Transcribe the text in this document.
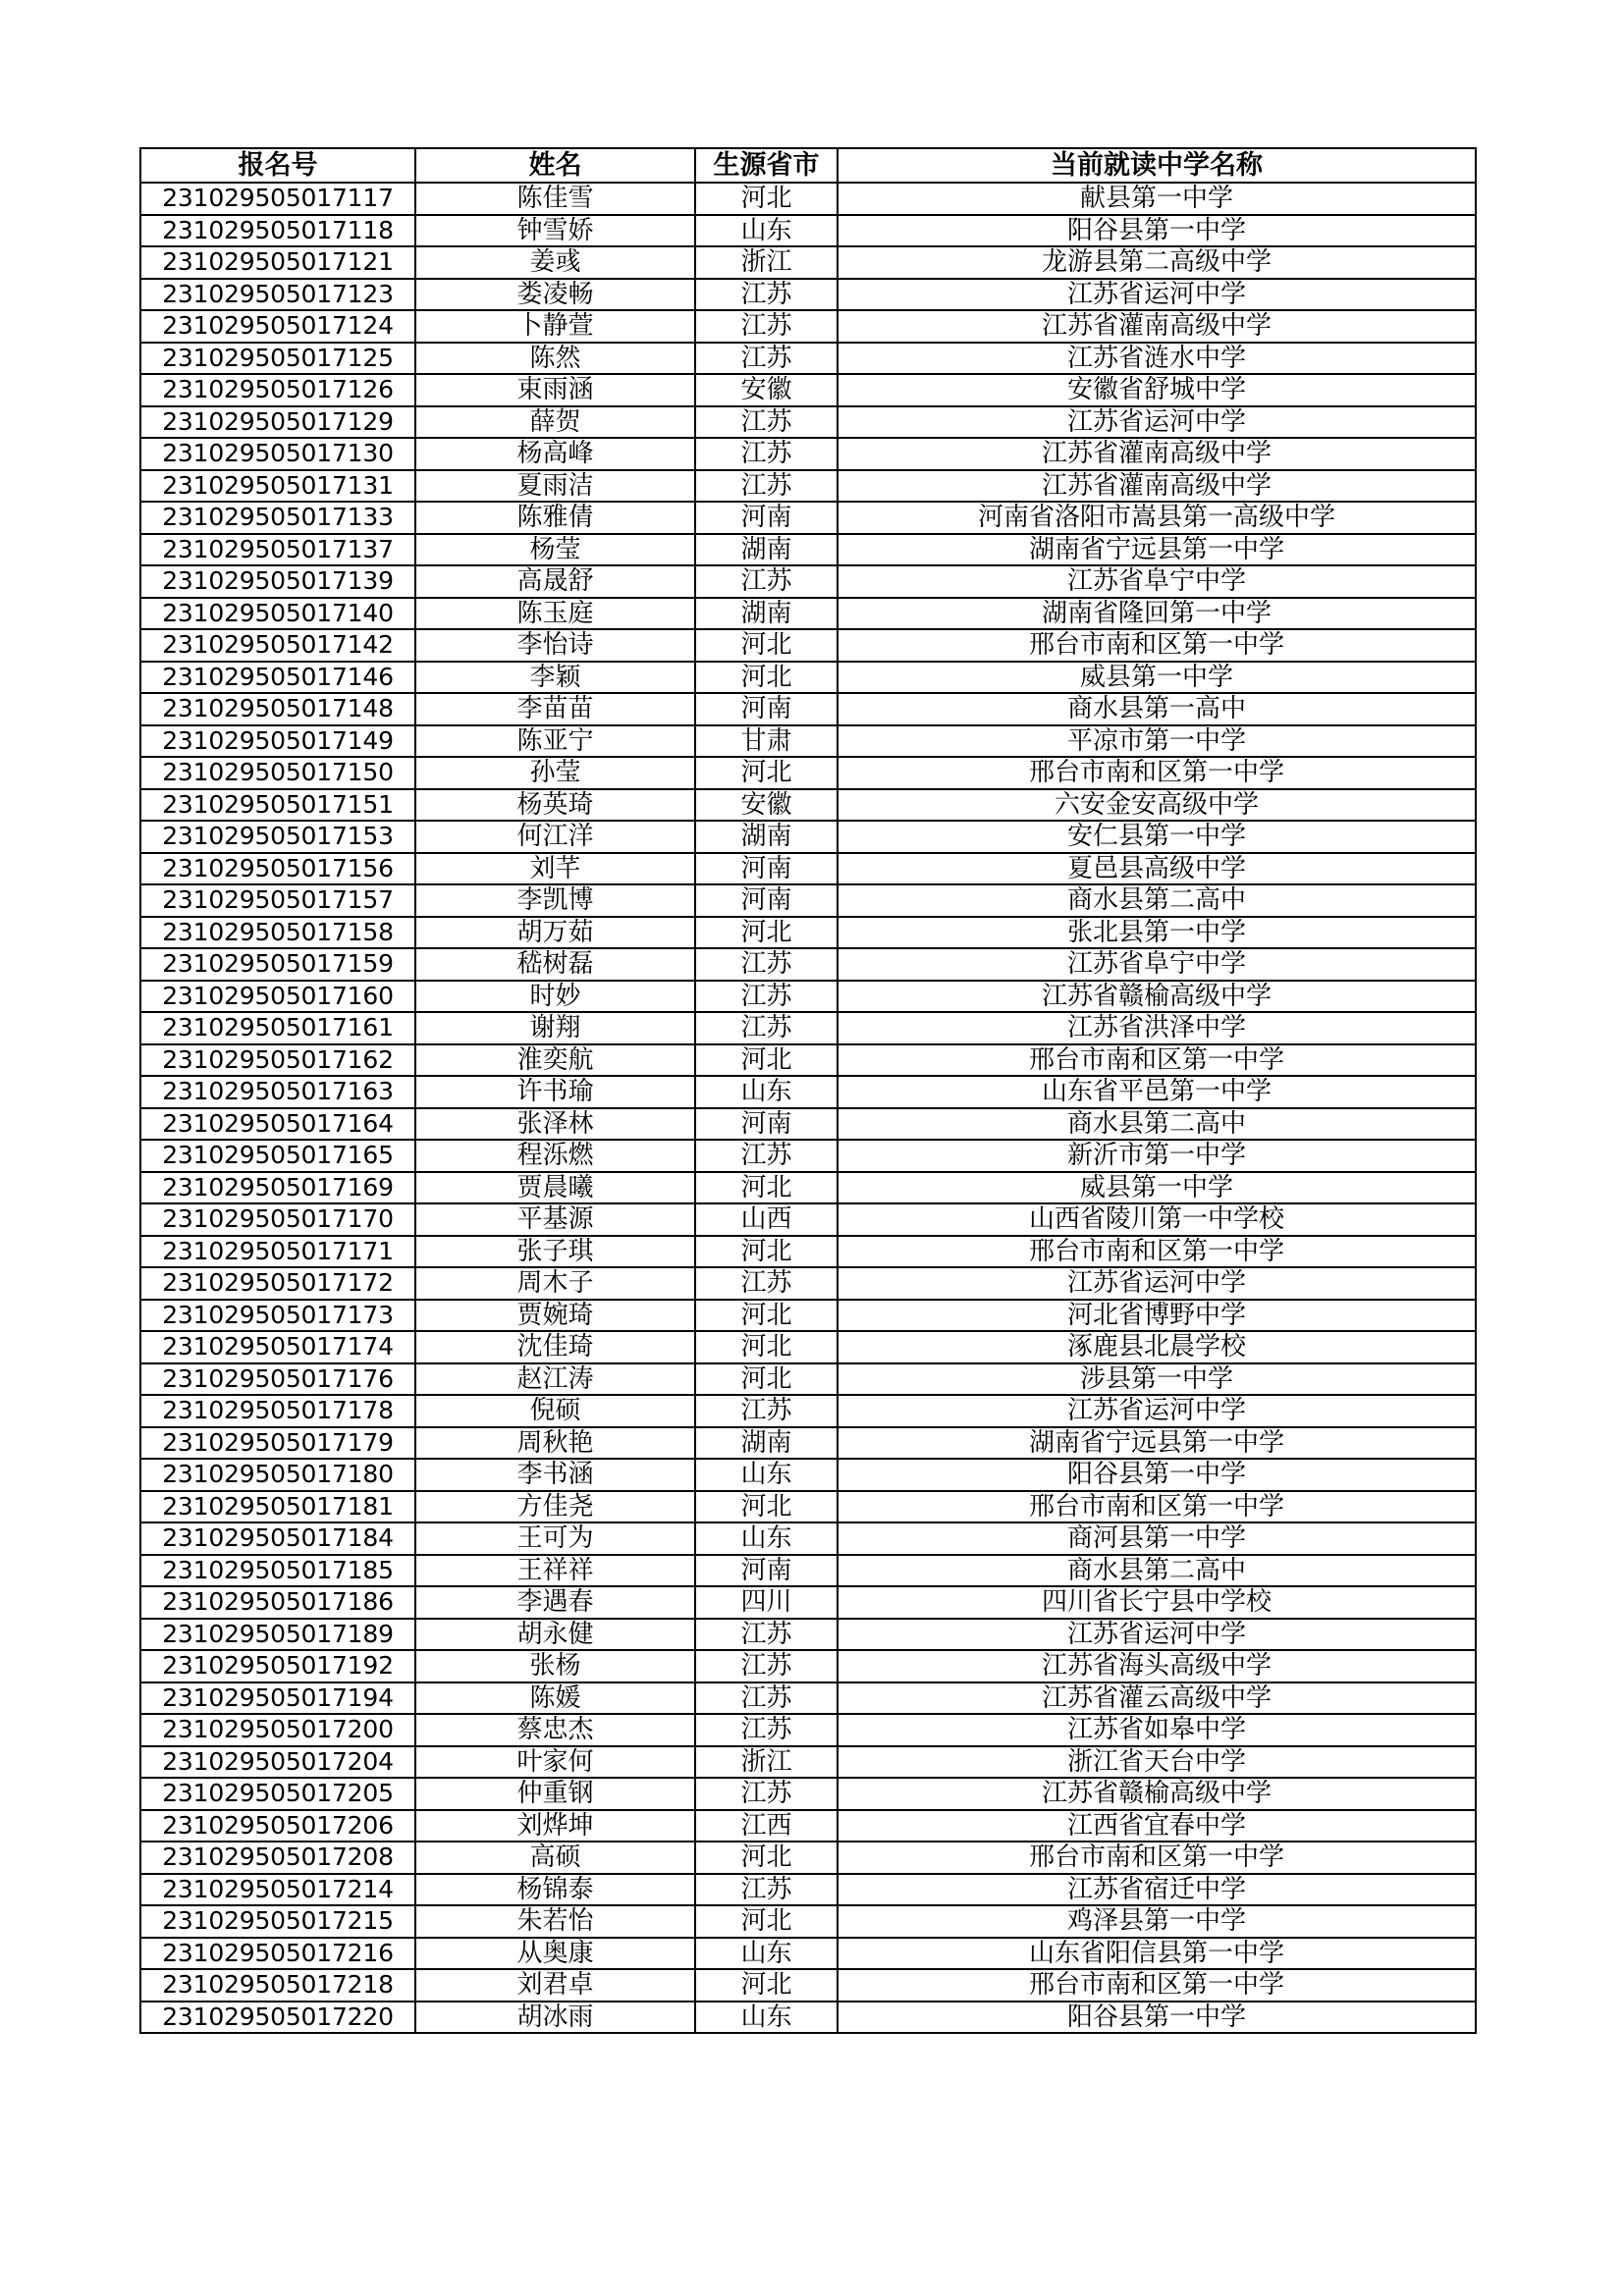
报名号	姓名	生源省市	当前就读中学名称
231029505017117	陈佳雪	河北	献县第一中学
231029505017118	钟雪娇	山东	阳谷县第一中学
231029505017121	姜彧	浙江	龙游县第二高级中学
231029505017123	娄凌畅	江苏	江苏省运河中学
231029505017124	卜静萱	江苏	江苏省灌南高级中学
231029505017125	陈然	江苏	江苏省涟水中学
231029505017126	束雨涵	安徽	安徽省舒城中学
231029505017129	薛贺	江苏	江苏省运河中学
231029505017130	杨高峰	江苏	江苏省灌南高级中学
231029505017131	夏雨洁	江苏	江苏省灌南高级中学
231029505017133	陈雅倩	河南	河南省洛阳市嵩县第一高级中学
231029505017137	杨莹	湖南	湖南省宁远县第一中学
231029505017139	高晟舒	江苏	江苏省阜宁中学
231029505017140	陈玉庭	湖南	湖南省隆回第一中学
231029505017142	李怡诗	河北	邢台市南和区第一中学
231029505017146	李颖	河北	威县第一中学
231029505017148	李苗苗	河南	商水县第一高中
231029505017149	陈亚宁	甘肃	平凉市第一中学
231029505017150	孙莹	河北	邢台市南和区第一中学
231029505017151	杨英琦	安徽	六安金安高级中学
231029505017153	何江洋	湖南	安仁县第一中学
231029505017156	刘芊	河南	夏邑县高级中学
231029505017157	李凯博	河南	商水县第二高中
231029505017158	胡万茹	河北	张北县第一中学
231029505017159	嵇树磊	江苏	江苏省阜宁中学
231029505017160	时妙	江苏	江苏省赣榆高级中学
231029505017161	谢翔	江苏	江苏省洪泽中学
231029505017162	淮奕航	河北	邢台市南和区第一中学
231029505017163	许书瑜	山东	山东省平邑第一中学
231029505017164	张泽林	河南	商水县第二高中
231029505017165	程泺燃	江苏	新沂市第一中学
231029505017169	贾晨曦	河北	威县第一中学
231029505017170	平基源	山西	山西省陵川第一中学校
231029505017171	张子琪	河北	邢台市南和区第一中学
231029505017172	周木子	江苏	江苏省运河中学
231029505017173	贾婉琦	河北	河北省博野中学
231029505017174	沈佳琦	河北	涿鹿县北晨学校
231029505017176	赵江涛	河北	涉县第一中学
231029505017178	倪硕	江苏	江苏省运河中学
231029505017179	周秋艳	湖南	湖南省宁远县第一中学
231029505017180	李书涵	山东	阳谷县第一中学
231029505017181	方佳尧	河北	邢台市南和区第一中学
231029505017184	王可为	山东	商河县第一中学
231029505017185	王祥祥	河南	商水县第二高中
231029505017186	李遇春	四川	四川省长宁县中学校
231029505017189	胡永健	江苏	江苏省运河中学
231029505017192	张杨	江苏	江苏省海头高级中学
231029505017194	陈媛	江苏	江苏省灌云高级中学
231029505017200	蔡忠杰	江苏	江苏省如皋中学
231029505017204	叶家何	浙江	浙江省天台中学
231029505017205	仲重钢	江苏	江苏省赣榆高级中学
231029505017206	刘烨坤	江西	江西省宜春中学
231029505017208	高硕	河北	邢台市南和区第一中学
231029505017214	杨锦泰	江苏	江苏省宿迁中学
231029505017215	朱若怡	河北	鸡泽县第一中学
231029505017216	从奥康	山东	山东省阳信县第一中学
231029505017218	刘君卓	河北	邢台市南和区第一中学
231029505017220	胡冰雨	山东	阳谷县第一中学
